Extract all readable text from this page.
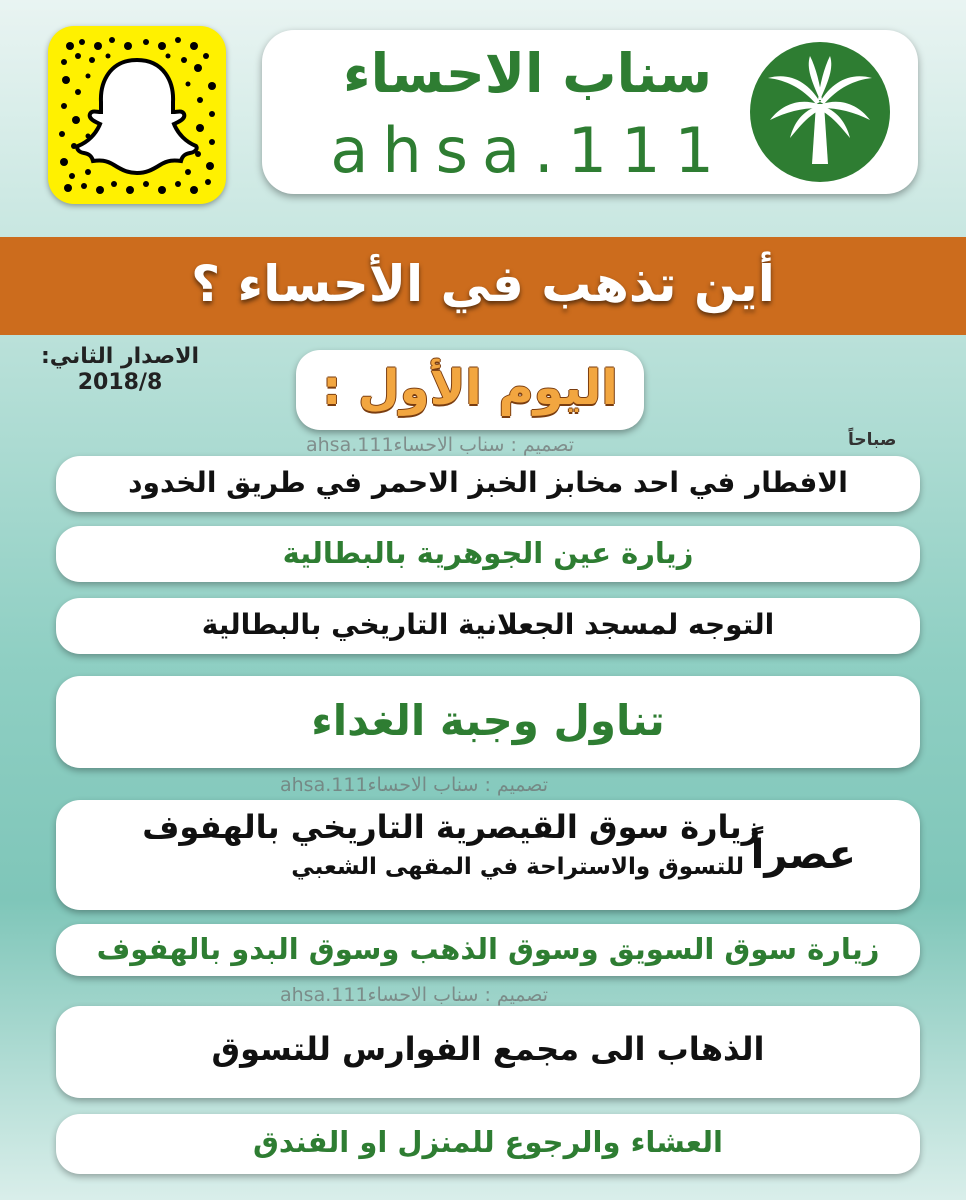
سناب الاحساء
ahsa.111
أين تذهب في الأحساء ؟
الاصدار الثاني:
2018/8	اليوم الأول :
تصميم : سناب الاحساءahsa.111	صباحاً
الافطار في احد مخابز الخبز الاحمر في طريق الخدود
زيارة عين الجوهرية بالبطالية
التوجه لمسجد الجعلانية التاريخي بالبطالية
تناول وجبة الغداء
تصميم : سناب الاحساءahsa.111
عصراً
زيارة سوق القيصرية التاريخي بالهفوف
للتسوق والاستراحة في المقهى الشعبي
زيارة سوق السويق وسوق الذهب وسوق البدو بالهفوف
تصميم : سناب الاحساءahsa.111
الذهاب الى مجمع الفوارس للتسوق
العشاء والرجوع للمنزل او الفندق
